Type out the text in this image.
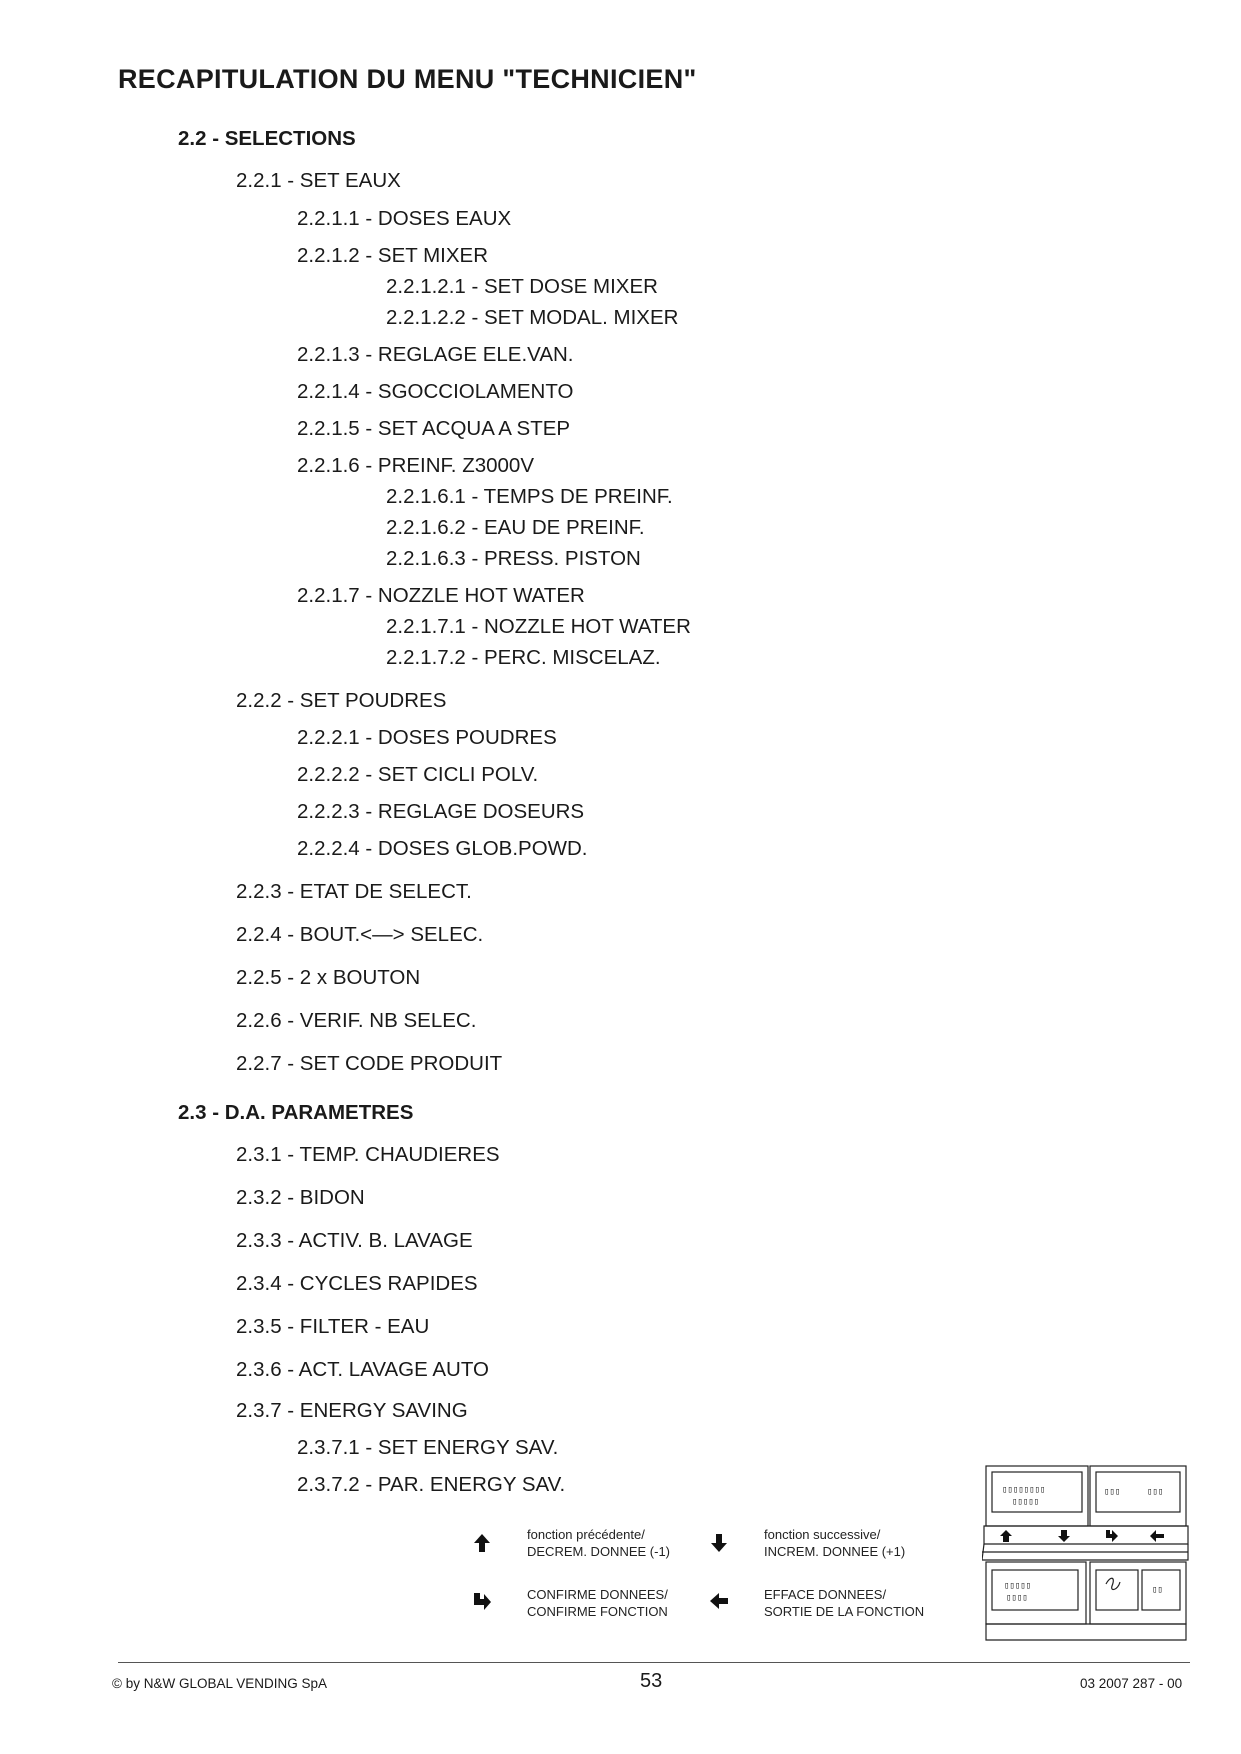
RECAPITULATION DU MENU "TECHNICIEN"
2.2 - SELECTIONS
2.2.1 - SET EAUX
2.2.1.1 - DOSES EAUX
2.2.1.2 - SET MIXER
2.2.1.2.1 - SET DOSE MIXER
2.2.1.2.2 - SET MODAL. MIXER
2.2.1.3 - REGLAGE ELE.VAN.
2.2.1.4 - SGOCCIOLAMENTO
2.2.1.5 - SET ACQUA A STEP
2.2.1.6 - PREINF. Z3000V
2.2.1.6.1 - TEMPS DE PREINF.
2.2.1.6.2 - EAU DE PREINF.
2.2.1.6.3 - PRESS. PISTON
2.2.1.7 - NOZZLE HOT WATER
2.2.1.7.1 - NOZZLE HOT WATER
2.2.1.7.2 - PERC. MISCELAZ.
2.2.2 - SET POUDRES
2.2.2.1 - DOSES POUDRES
2.2.2.2 - SET CICLI POLV.
2.2.2.3 - REGLAGE DOSEURS
2.2.2.4 - DOSES GLOB.POWD.
2.2.3 - ETAT DE SELECT.
2.2.4 - BOUT.<—> SELEC.
2.2.5 - 2 x BOUTON
2.2.6 - VERIF. NB SELEC.
2.2.7 - SET CODE PRODUIT
2.3 - D.A. PARAMETRES
2.3.1 - TEMP. CHAUDIERES
2.3.2 - BIDON
2.3.3 - ACTIV. B. LAVAGE
2.3.4 - CYCLES RAPIDES
2.3.5 - FILTER - EAU
2.3.6 - ACT. LAVAGE AUTO
2.3.7 - ENERGY SAVING
2.3.7.1 - SET ENERGY SAV.
2.3.7.2 - PAR. ENERGY SAV.
fonction précédente/
DECREM. DONNEE (-1)
fonction successive/
INCREM. DONNEE (+1)
CONFIRME DONNEES/
CONFIRME FONCTION
EFFACE DONNEES/
SORTIE DE LA FONCTION
▯▯▯▯▯▯▯▯
▯▯▯▯▯
▯▯▯	▯▯▯
▯▯▯▯▯
▯▯▯▯
▯▯
© by N&W GLOBAL VENDING SpA	53	03 2007 287 - 00
